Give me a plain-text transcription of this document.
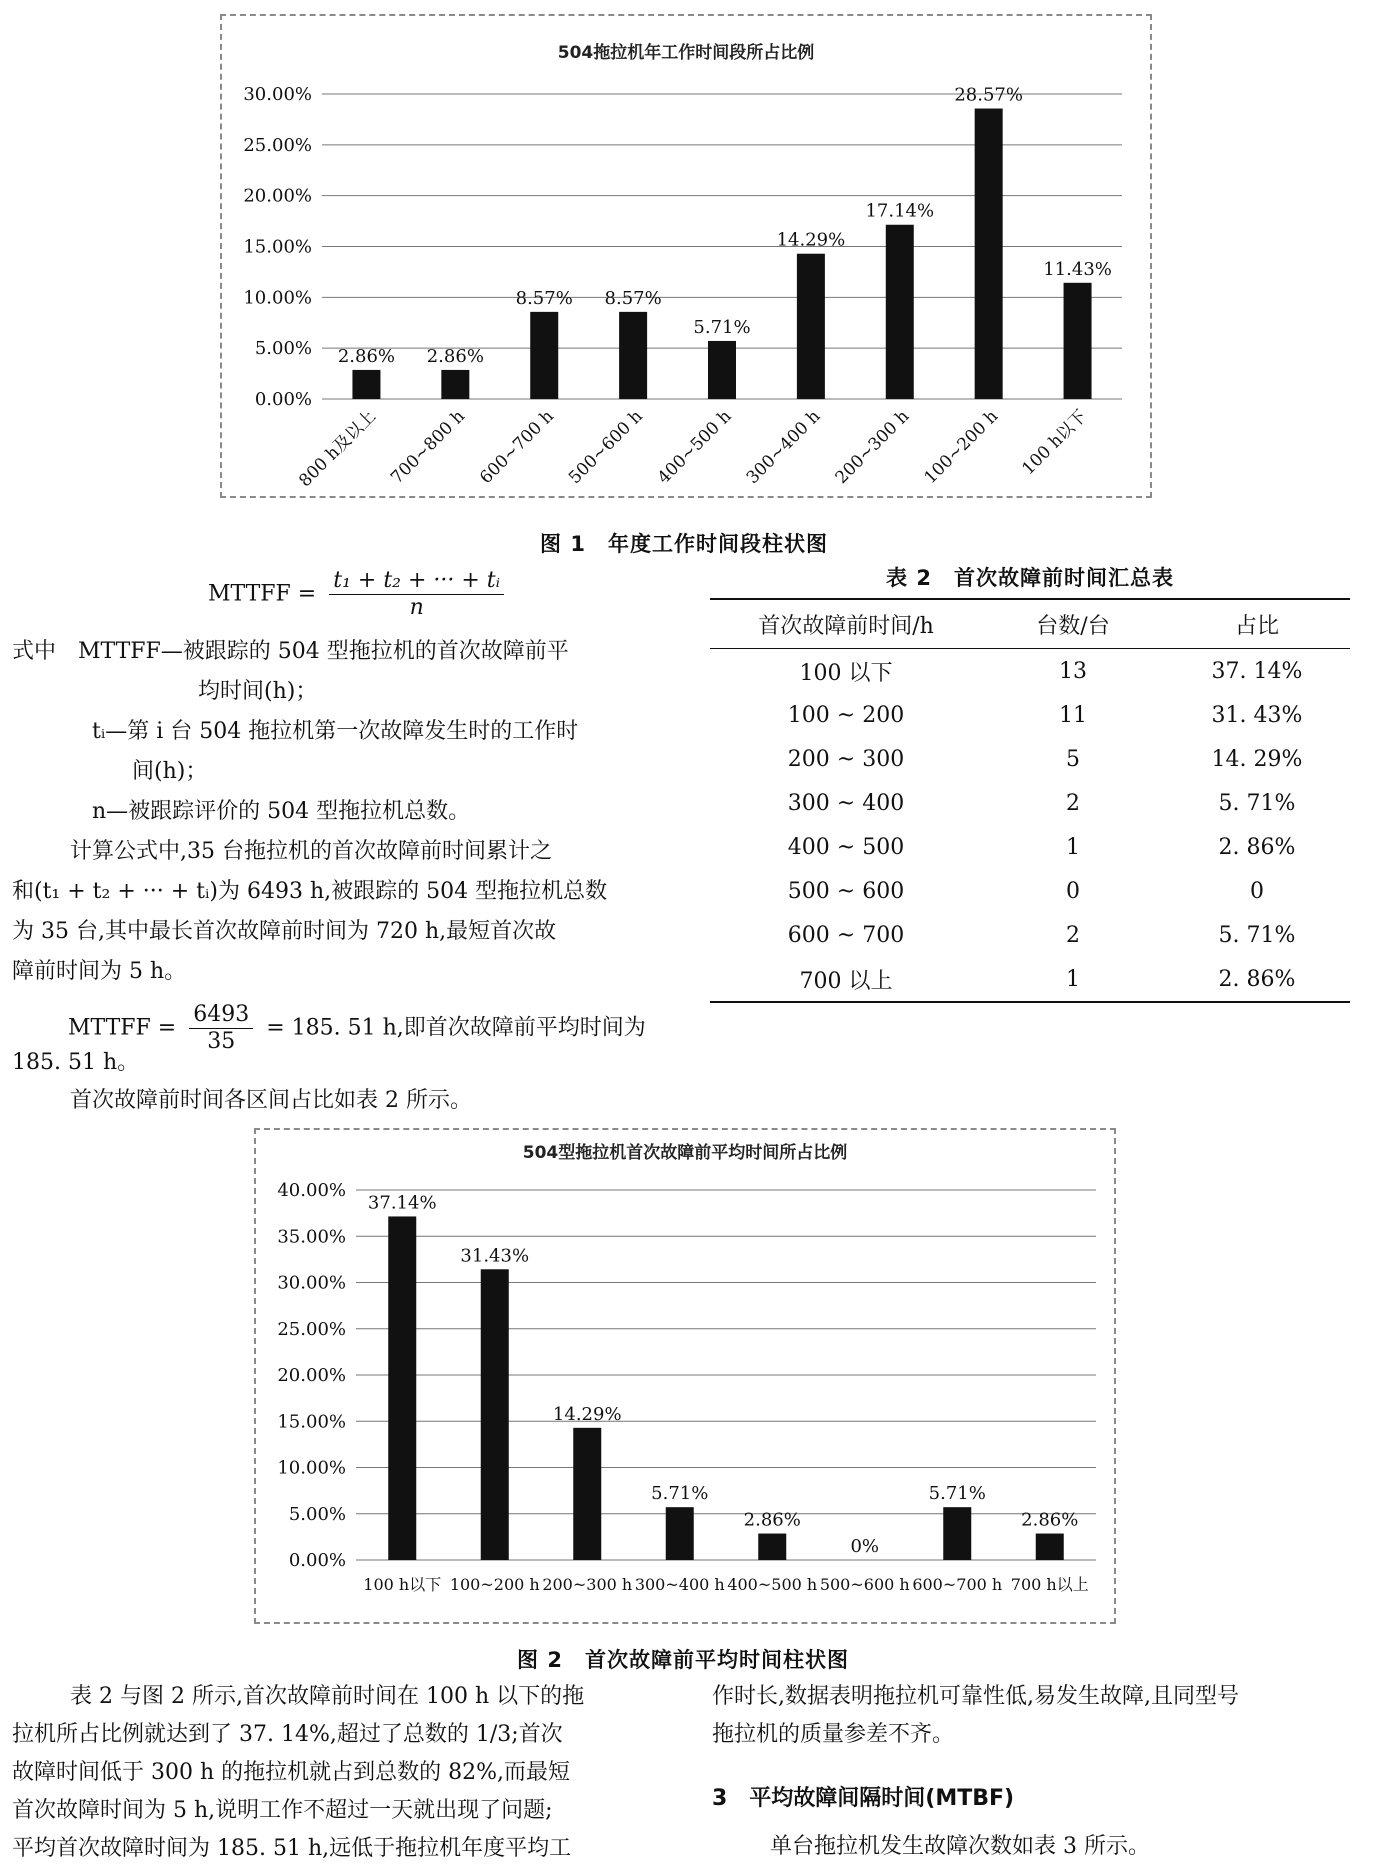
504拖拉机年工作时间段所占比例
0.00%
5.00%
10.00%
15.00%
20.00%
25.00%
30.00%
2.86%
800 h及以上
2.86%
700~800 h
8.57%
600~700 h
8.57%
500~600 h
5.71%
400~500 h
14.29%
300~400 h
17.14%
200~300 h
28.57%
100~200 h
11.43%
100 h以下
图 1　年度工作时间段柱状图
MTTFF = $\frac{\text{t₁ + t₂ + ··· + tᵢ}}{n}$

式中　MTTFF—被跟踪的 504 型拖拉机的首次故障前平

均时间(h)；

tᵢ—第 i 台 504 拖拉机第一次故障发生时的工作时

间(h)；

n—被跟踪评价的 504 型拖拉机总数。

计算公式中,35 台拖拉机的首次故障前时间累计之

和(t₁ + t₂ + ··· + tᵢ)为 6493 h,被跟踪的 504 型拖拉机总数

为 35 台,其中最长首次故障前时间为 720 h,最短首次故

障前时间为 5 h。

MTTFF = $\frac{6493}{35} = 185$. 51 h,即首次故障前平均时间为
185. 51 h。
首次故障前时间各区间占比如表 2 所示。
表 2　首次故障前时间汇总表
首次故障前时间/h	台数/台	占比
100 以下	13	37. 14%
100 ~ 200	11	31. 43%
200 ~ 300	5	14. 29%
300 ~ 400	2	5. 71%
400 ~ 500	1	2. 86%
500 ~ 600	0	0
600 ~ 700	2	5. 71%
700 以上	1	2. 86%
504型拖拉机首次故障前平均时间所占比例
0.00%
5.00%
10.00%
15.00%
20.00%
25.00%
30.00%
35.00%
40.00%
37.14%
100 h以下
31.43%
100~200 h
14.29%
200~300 h
5.71%
300~400 h
2.86%
400~500 h
0%
500~600 h
5.71%
600~700 h
2.86%
700 h以上
图 2　首次故障前平均时间柱状图

表 2 与图 2 所示,首次故障前时间在 100 h 以下的拖

拉机所占比例就达到了 37. 14%,超过了总数的 1/3;首次

故障时间低于 300 h 的拖拉机就占到总数的 82%,而最短

首次故障时间为 5 h,说明工作不超过一天就出现了问题;

平均首次故障时间为 185. 51 h,远低于拖拉机年度平均工

作时长,数据表明拖拉机可靠性低,易发生故障,且同型号

拖拉机的质量参差不齐。

3　平均故障间隔时间(MTBF)
单台拖拉机发生故障次数如表 3 所示。
